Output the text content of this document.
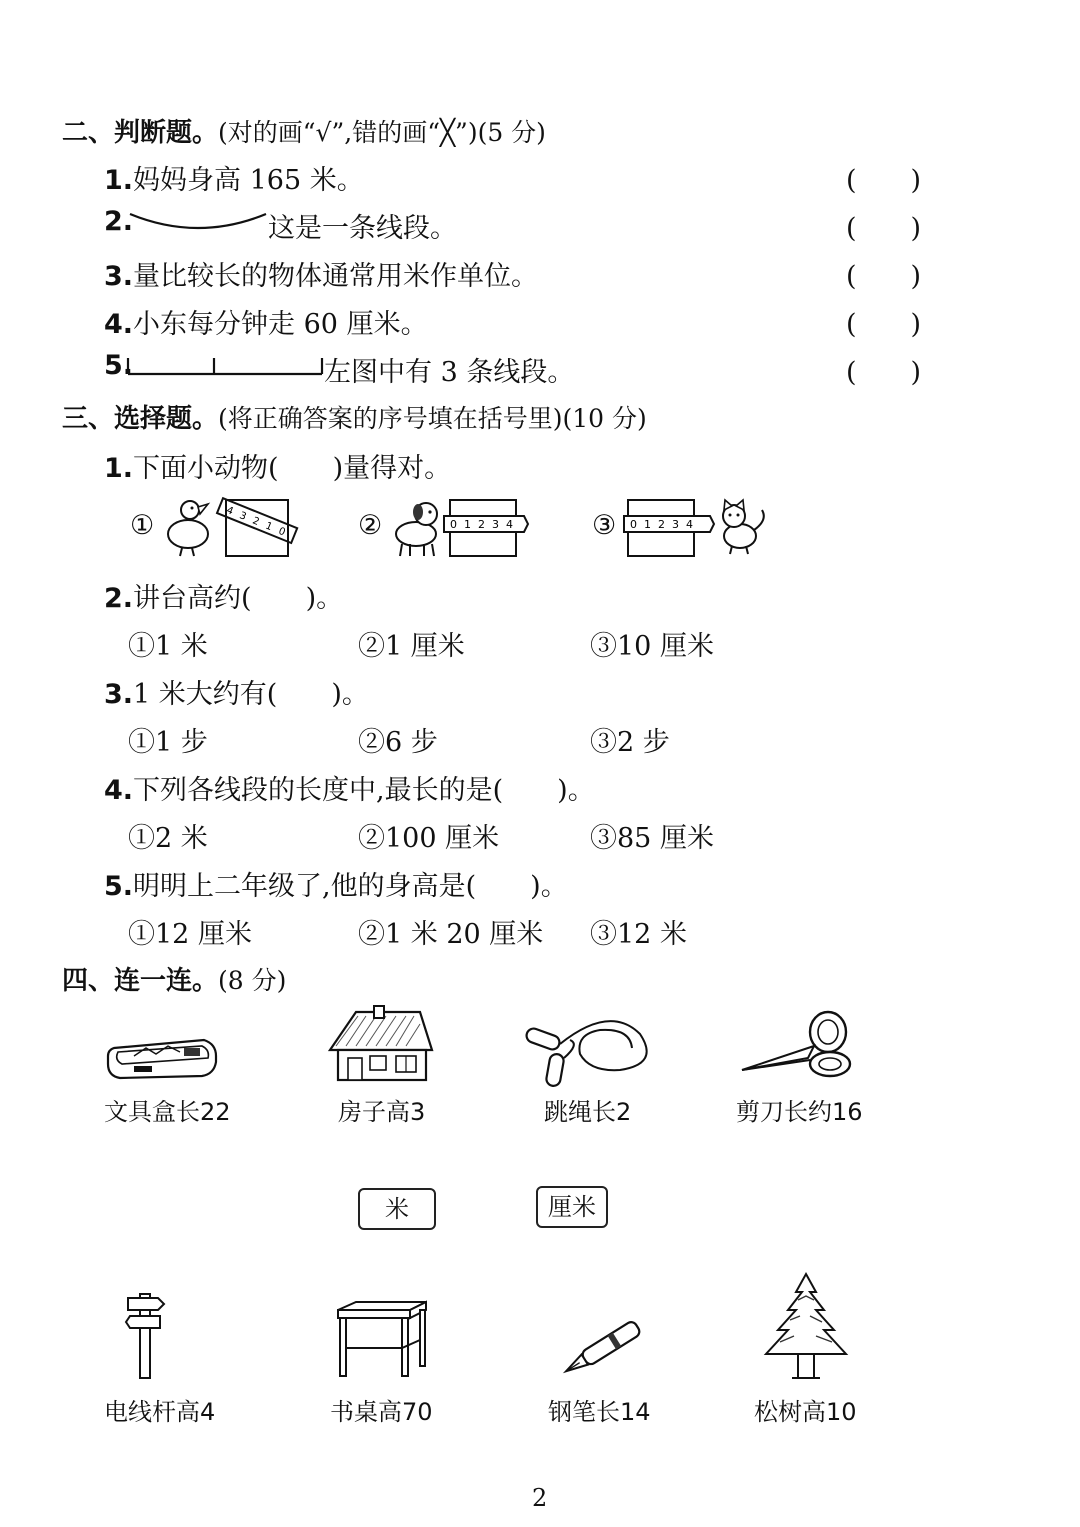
二、判断题。(对的画“√”,错的画“╳”)(5 分)
1.妈妈身高 165 米。	(　　)
2.	这是一条线段。	(　　)
3.量比较长的物体通常用米作单位。	(　　)
4.小东每分钟走 60 厘米。	(　　)
5.	左图中有 3 条线段。	(　　)
三、选择题。(将正确答案的序号填在括号里)(10 分)
1.下面小动物(　　)量得对。
①	4 3 2 1 0	②	0 1 2 3 4	③ 0 1 2 3 4
2.讲台高约(　　)。
①1 米	②1 厘米	③10 厘米
3.1 米大约有(　　)。
①1 步	②6 步	③2 步
4.下列各线段的长度中,最长的是(　　)。
①2 米	②100 厘米	③85 厘米
5.明明上二年级了,他的身高是(　　)。
①12 厘米	②1 米 20 厘米 ③12 米
四、连一连。(8 分)
文具盒长22	房子高3	跳绳长2	剪刀长约16
米	厘米
电线杆高4	书桌高70	钢笔长14	松树高10
2
